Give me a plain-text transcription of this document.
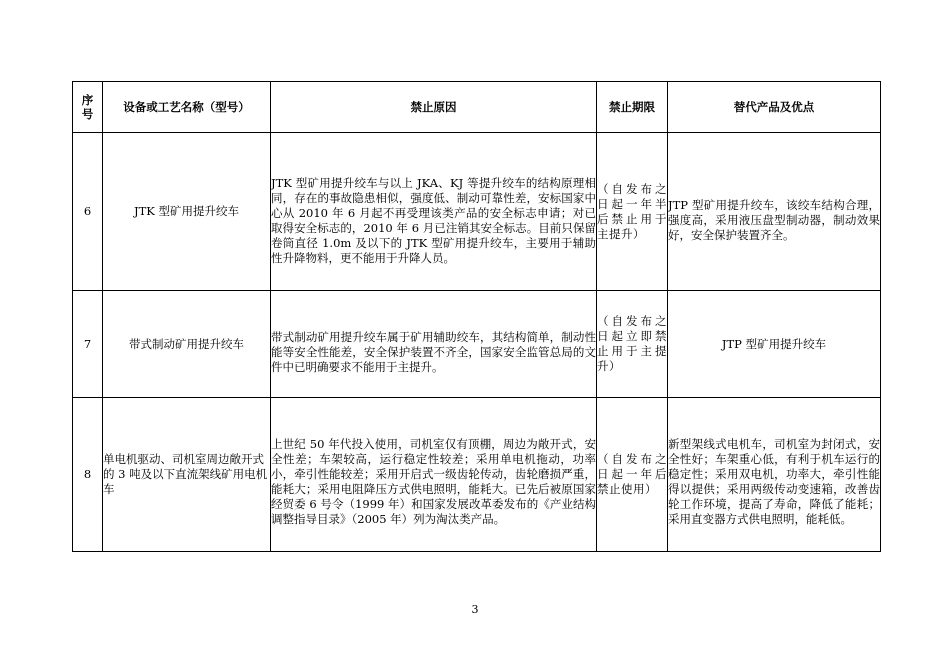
序号	设备或工艺名称（型号）	禁止原因	禁止期限	替代产品及优点
6	JTK 型矿用提升绞车	JTK 型矿用提升绞车与以上 JKA、KJ 等提升绞车的结构原理相同，存在的事故隐患相似，强度低、制动可靠性差，安标国家中心从 2010 年 6 月起不再受理该类产品的安全标志申请；对已取得安全标志的，2010 年 6 月已注销其安全标志。目前只保留卷筒直径 1.0m 及以下的 JTK 型矿用提升绞车，主要用于辅助性升降物料，更不能用于升降人员。	（自发布之日起一年半后禁止用于主提升）	JTP 型矿用提升绞车，该绞车结构合理，强度高，采用液压盘型制动器，制动效果好，安全保护装置齐全。
7	带式制动矿用提升绞车	带式制动矿用提升绞车属于矿用辅助绞车，其结构简单，制动性能等安全性能差，安全保护装置不齐全，国家安全监管总局的文件中已明确要求不能用于主提升。	（自发布之日起立即禁止用于主提升）	JTP 型矿用提升绞车
8	单电机驱动、司机室周边敞开式的 3 吨及以下直流架线矿用电机车	上世纪 50 年代投入使用，司机室仅有顶棚，周边为敞开式，安全性差；车架较高，运行稳定性较差；采用单电机拖动，功率小，牵引性能较差；采用开启式一级齿轮传动，齿轮磨损严重，能耗大；采用电阻降压方式供电照明，能耗大。已先后被原国家经贸委 6 号令（1999 年）和国家发展改革委发布的《产业结构调整指导目录》（2005 年）列为淘汰类产品。	（自发布之日起一年后禁止使用）	新型架线式电机车，司机室为封闭式，安全性好；车架重心低，有利于机车运行的稳定性；采用双电机，功率大，牵引性能得以提供；采用两级传动变速箱，改善齿轮工作环境，提高了寿命，降低了能耗；采用直变器方式供电照明，能耗低。
3
